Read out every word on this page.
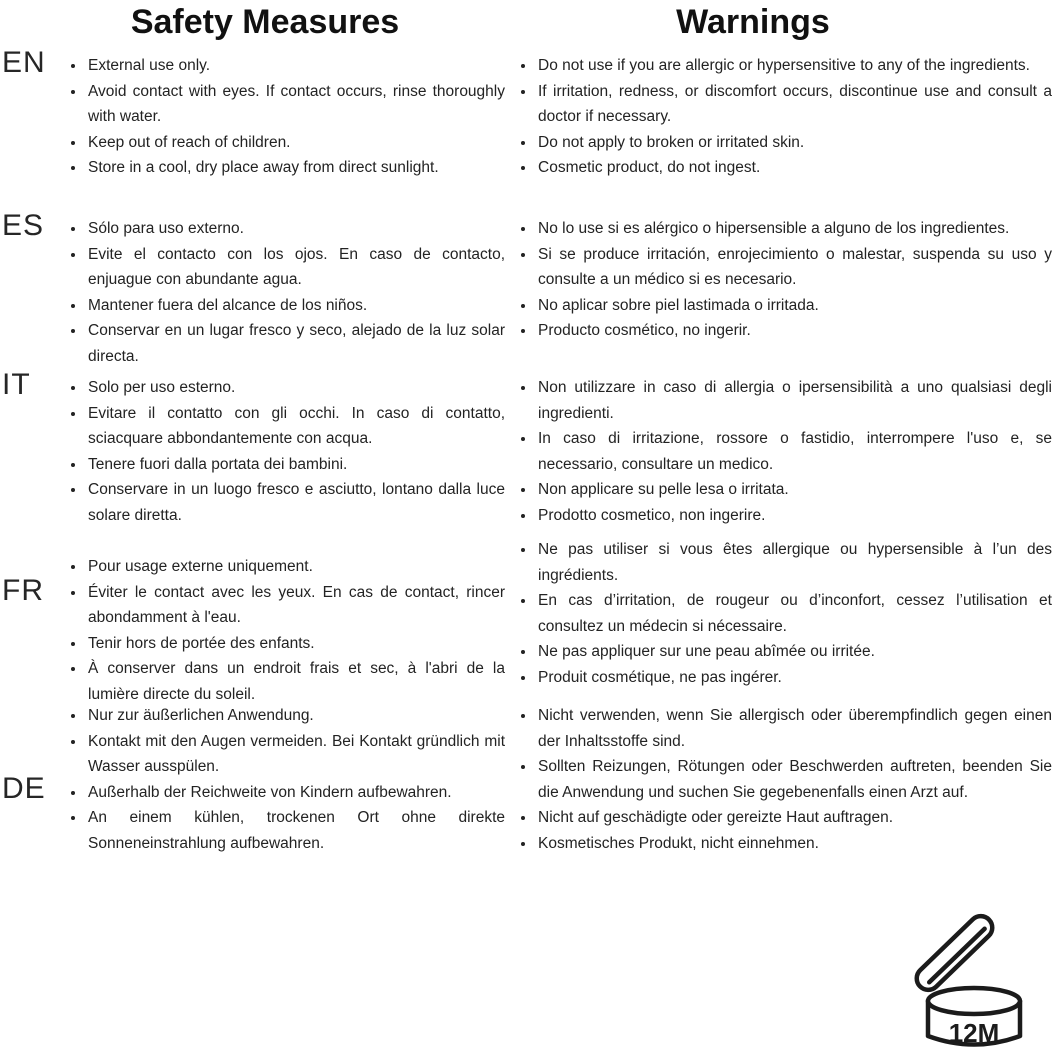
Safety Measures	Warnings
EN
ES
IT
FR
DE
• External use only.
• Avoid contact with eyes. If contact occurs, rinse thoroughly with water.
• Keep out of reach of children.
• Store in a cool, dry place away from direct sunlight.
• Sólo para uso externo.
• Evite el contacto con los ojos. En caso de contacto, enjuague con abundante agua.
• Mantener fuera del alcance de los niños.
• Conservar en un lugar fresco y seco, alejado de la luz solar directa.
• Solo per uso esterno.
• Evitare il contatto con gli occhi. In caso di contatto, sciacquare abbondantemente con acqua.
• Tenere fuori dalla portata dei bambini.
• Conservare in un luogo fresco e asciutto, lontano dalla luce solare diretta.
• Pour usage externe uniquement.
• Éviter le contact avec les yeux. En cas de contact, rincer abondamment à l'eau.
• Tenir hors de portée des enfants.
• À conserver dans un endroit frais et sec, à l'abri de la lumière directe du soleil.
• Nur zur äußerlichen Anwendung.
• Kontakt mit den Augen vermeiden. Bei Kontakt gründlich mit Wasser ausspülen.
• Außerhalb der Reichweite von Kindern aufbewahren.
• An einem kühlen, trockenen Ort ohne direkte Sonneneinstrahlung aufbewahren.
• Do not use if you are allergic or hypersensitive to any of the ingredients.
• If irritation, redness, or discomfort occurs, discontinue use and consult a doctor if necessary.
• Do not apply to broken or irritated skin.
• Cosmetic product, do not ingest.
• No lo use si es alérgico o hipersensible a alguno de los ingredientes.
• Si se produce irritación, enrojecimiento o malestar, suspenda su uso y consulte a un médico si es necesario.
• No aplicar sobre piel lastimada o irritada.
• Producto cosmético, no ingerir.
• Non utilizzare in caso di allergia o ipersensibilità a uno qualsiasi degli ingredienti.
• In caso di irritazione, rossore o fastidio, interrompere l'uso e, se necessario, consultare un medico.
• Non applicare su pelle lesa o irritata.
• Prodotto cosmetico, non ingerire.
• Ne pas utiliser si vous êtes allergique ou hypersensible à l’un des ingrédients.
• En cas d’irritation, de rougeur ou d’inconfort, cessez l’utilisation et consultez un médecin si nécessaire.
• Ne pas appliquer sur une peau abîmée ou irritée.
• Produit cosmétique, ne pas ingérer.
• Nicht verwenden, wenn Sie allergisch oder überempfindlich gegen einen der Inhaltsstoffe sind.
• Sollten Reizungen, Rötungen oder Beschwerden auftreten, beenden Sie die Anwendung und suchen Sie gegebenenfalls einen Arzt auf.
• Nicht auf geschädigte oder gereizte Haut auftragen.
• Kosmetisches Produkt, nicht einnehmen.
12M
